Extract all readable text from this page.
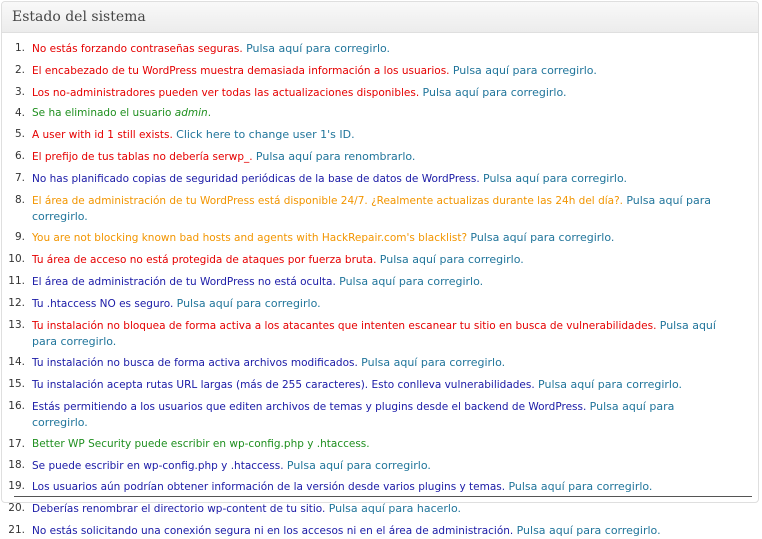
Estado del sistema
1. No estás forzando contraseñas seguras. Pulsa aquí para corregirlo.
2. El encabezado de tu WordPress muestra demasiada información a los usuarios. Pulsa aquí para corregirlo.
3. Los no-administradores pueden ver todas las actualizaciones disponibles. Pulsa aquí para corregirlo.
4. Se ha eliminado el usuario admin.
5. A user with id 1 still exists. Click here to change user 1's ID.
6. El prefijo de tus tablas no debería serwp_. Pulsa aquí para renombrarlo.
7. No has planificado copias de seguridad periódicas de la base de datos de WordPress. Pulsa aquí para corregirlo.
8. El área de administración de tu WordPress está disponible 24/7. ¿Realmente actualizas durante las 24h del día?. Pulsa aquí para corregirlo.
9. You are not blocking known bad hosts and agents with HackRepair.com's blacklist? Pulsa aquí para corregirlo.
10. Tu área de acceso no está protegida de ataques por fuerza bruta. Pulsa aquí para corregirlo.
11. El área de administración de tu WordPress no está oculta. Pulsa aquí para corregirlo.
12. Tu .htaccess NO es seguro. Pulsa aquí para corregirlo.
13. Tu instalación no bloquea de forma activa a los atacantes que intenten escanear tu sitio en busca de vulnerabilidades. Pulsa aquí para corregirlo.
14. Tu instalación no busca de forma activa archivos modificados. Pulsa aquí para corregirlo.
15. Tu instalación acepta rutas URL largas (más de 255 caracteres). Esto conlleva vulnerabilidades. Pulsa aquí para corregirlo.
16. Estás permitiendo a los usuarios que editen archivos de temas y plugins desde el backend de WordPress. Pulsa aquí para corregirlo.
17. Better WP Security puede escribir en wp-config.php y .htaccess.
18. Se puede escribir en wp-config.php y .htaccess. Pulsa aquí para corregirlo.
19. Los usuarios aún podrían obtener información de la versión desde varios plugins y temas. Pulsa aquí para corregirlo.
20. Deberías renombrar el directorio wp-content de tu sitio. Pulsa aquí para hacerlo.
21. No estás solicitando una conexión segura ni en los accesos ni en el área de administración. Pulsa aquí para corregirlo.
